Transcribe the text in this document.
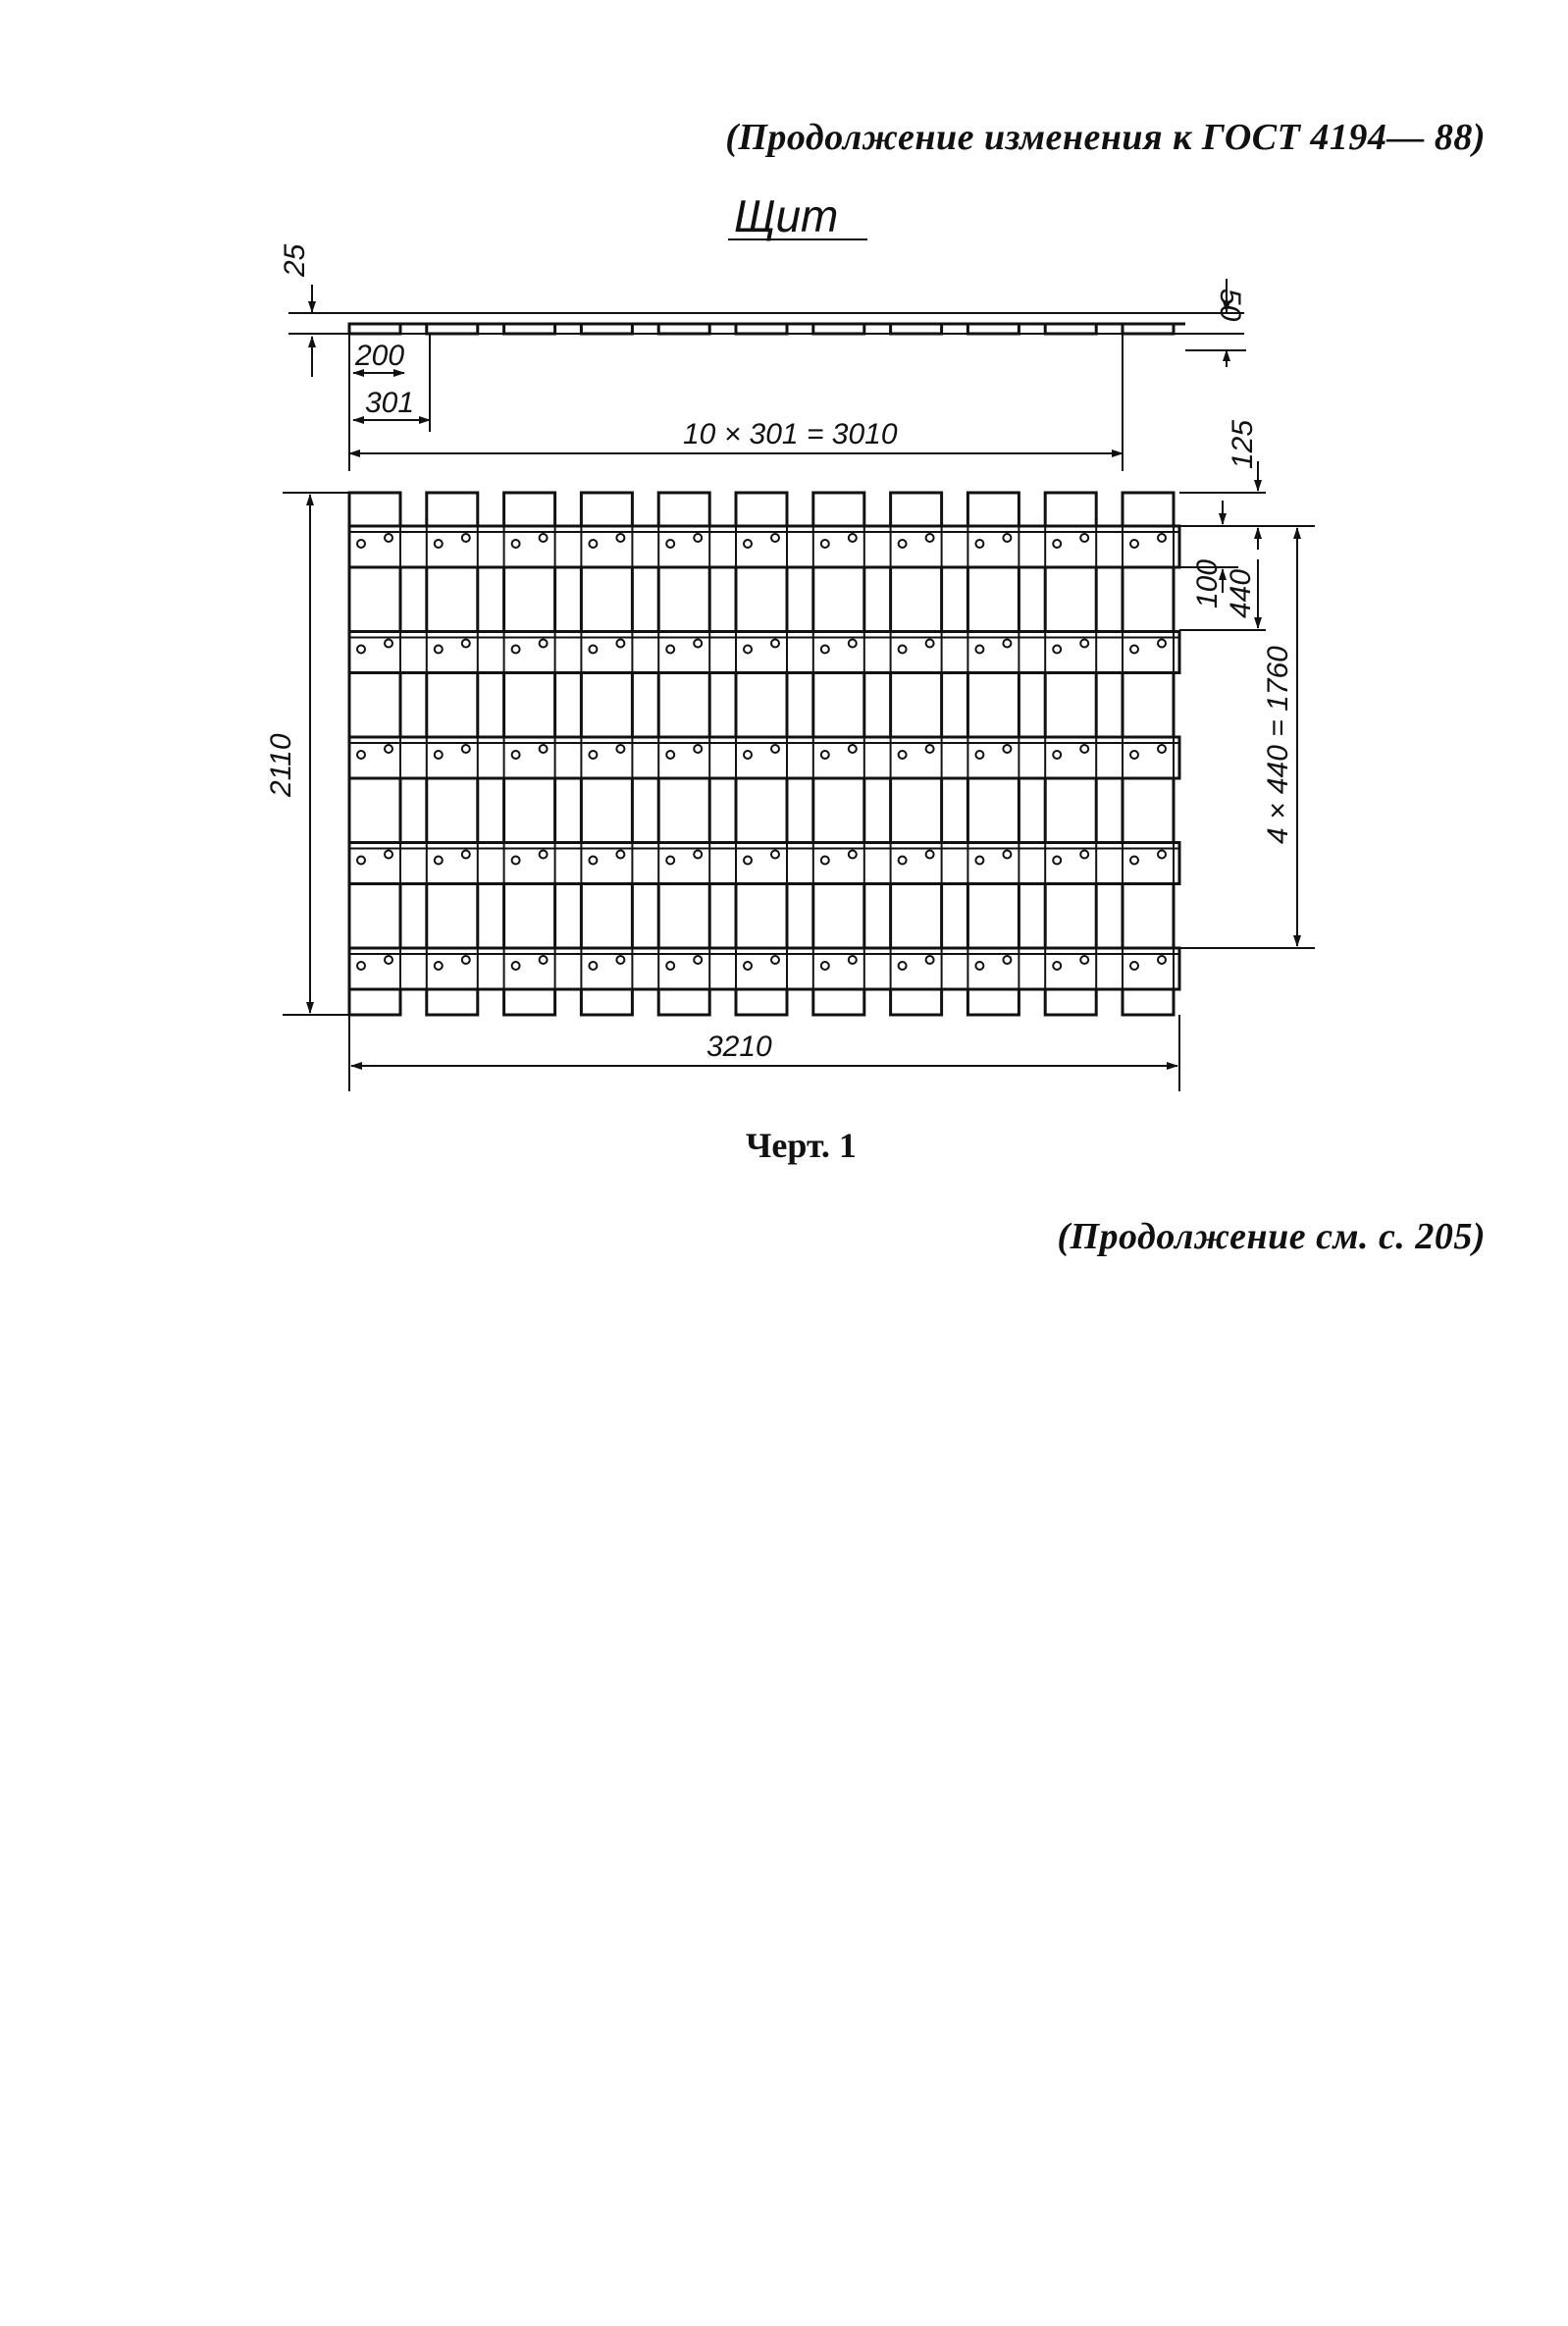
(Продолжение изменения к ГОСТ 4194— 88)

Щит
25
50
200
301
10 × 301 = 3010
2110
3210
125
100 440
4 × 440 = 1760

Черт. 1

(Продолжение см. с. 205)
